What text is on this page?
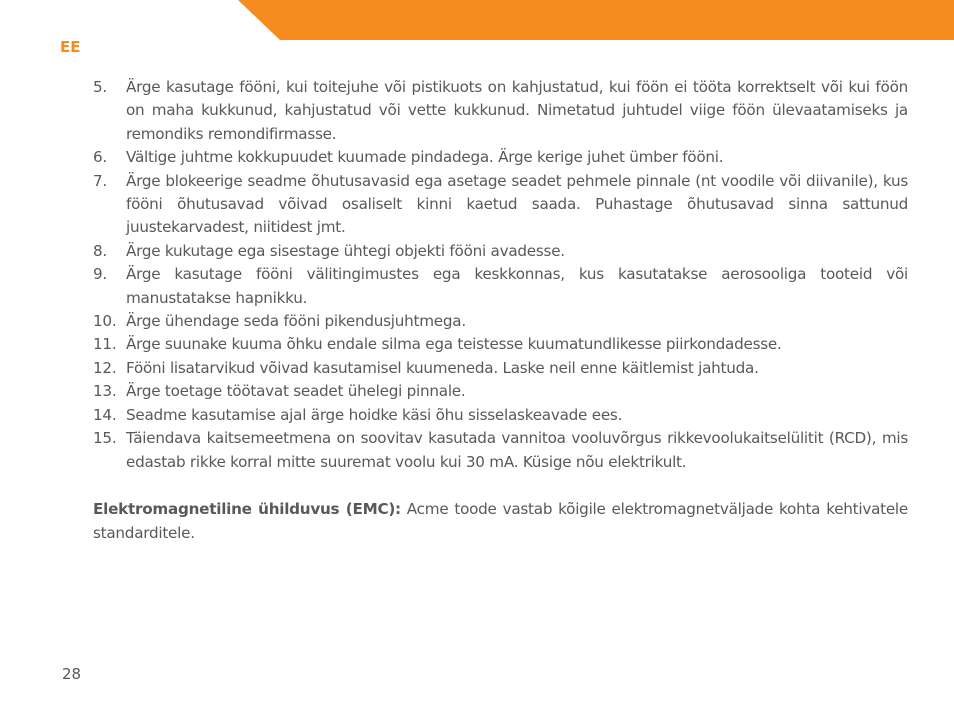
EE
5.	Ärge kasutage fööni, kui toitejuhe või pistikuots on kahjustatud, kui föön ei tööta korrektselt või kui föön on maha kukkunud, kahjustatud või vette kukkunud. Nimetatud juhtudel viige föön ülevaatamiseks ja remondiks remondifirmasse.
6.	Vältige juhtme kokkupuudet kuumade pindadega. Ärge kerige juhet ümber fööni.
7.	Ärge blokeerige seadme õhutusavasid ega asetage seadet pehmele pinnale (nt voodile või diivanile), kus fööni õhutusavad võivad osaliselt kinni kaetud saada. Puhastage õhutusavad sinna sattunud juustekarvadest, niitidest jmt.
8.	Ärge kukutage ega sisestage ühtegi objekti fööni avadesse.
9.	Ärge kasutage fööni välitingimustes ega keskkonnas, kus kasutatakse aerosooliga tooteid või manustatakse hapnikku.
10. Ärge ühendage seda fööni pikendusjuhtmega.
11. Ärge suunake kuuma õhku endale silma ega teistesse kuumatundlikesse piirkondadesse.
12. Fööni lisatarvikud võivad kasutamisel kuumeneda. Laske neil enne käitlemist jahtuda.
13. Ärge toetage töötavat seadet ühelegi pinnale.
14. Seadme kasutamise ajal ärge hoidke käsi õhu sisselaskeavade ees.
15. Täiendava kaitsemeetmena on soovitav kasutada vannitoa vooluvõrgus rikkevoolukaitselülitit (RCD), mis edastab rikke korral mitte suuremat voolu kui 30 mA. Küsige nõu elektrikult.

Elektromagnetiline ühilduvus (EMC): Acme toode vastab kõigile elektromagnetväljade kohta kehtivatele standarditele.

28
